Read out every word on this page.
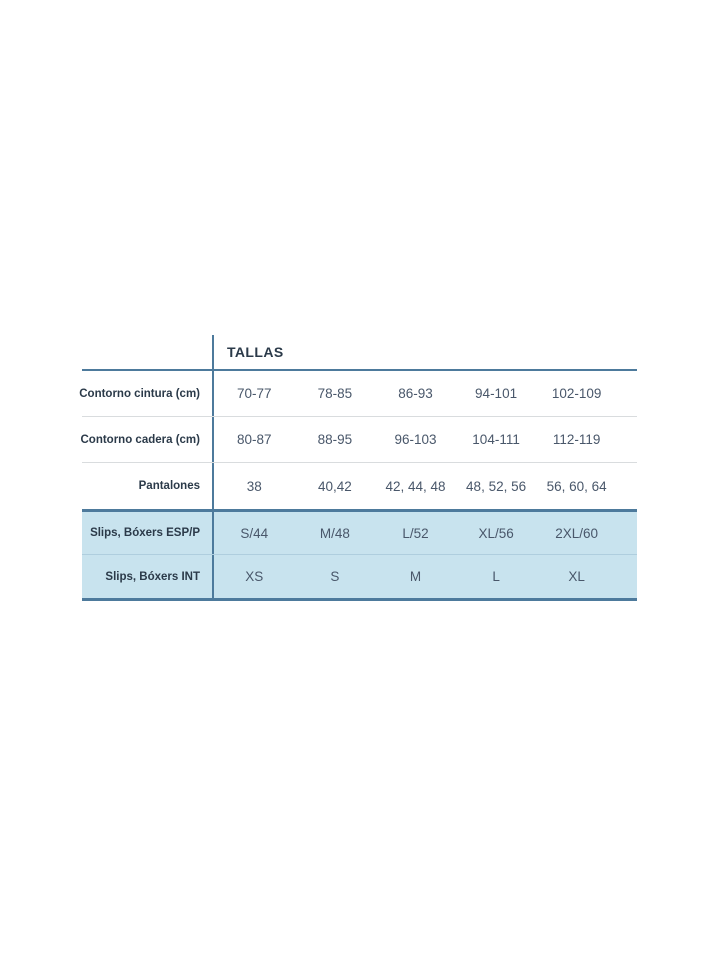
TALLAS
Contorno cintura (cm)	70-77	78-85	86-93	94-101	102-109
Contorno cadera (cm)	80-87	88-95	96-103	104-111	112-119
Pantalones	38	40,42	42, 44, 48	48, 52, 56	56, 60, 64
Slips, Bóxers ESP/P	S/44	M/48	L/52	XL/56	2XL/60
Slips, Bóxers INT	XS	S	M	L	XL
